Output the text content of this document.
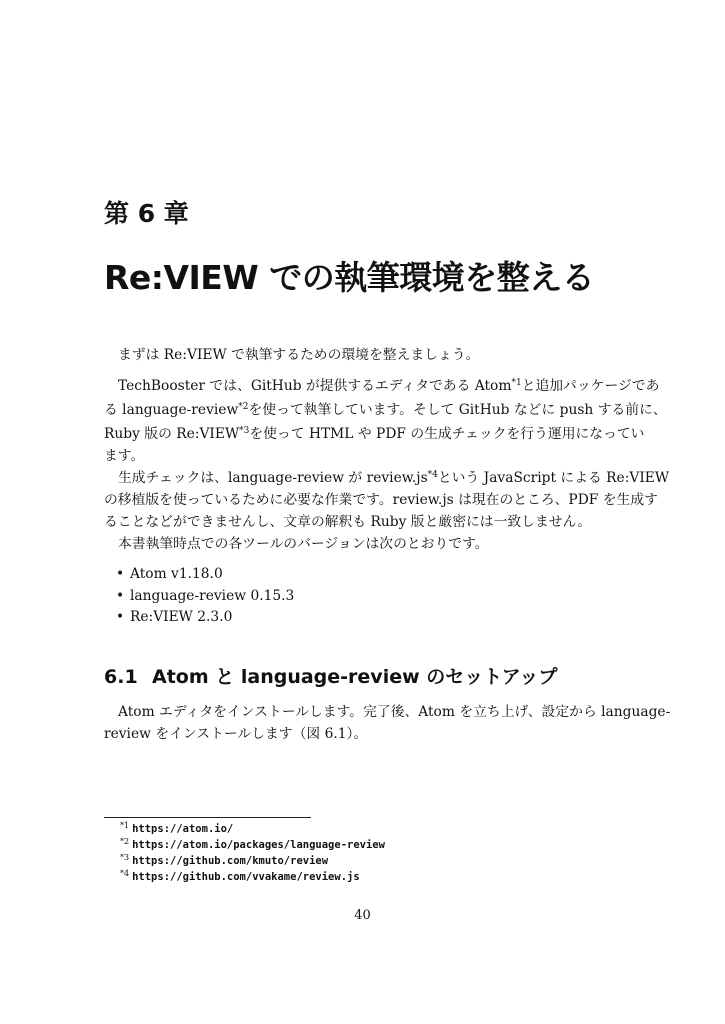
第 6 章
Re:VIEW での執筆環境を整える
まずは Re:VIEW で執筆するための環境を整えましょう。
TechBooster では、GitHub が提供するエディタである Atom$^{*1}$と追加パッケージであ
る language-review$^{*2}$を使って執筆しています。そして GitHub などに push する前に、
Ruby 版の Re:VIEW$^{*3}$を使って HTML や PDF の生成チェックを行う運用になってい
ます。
生成チェックは、language-review が $review.js^{*4}$という JavaScript による Re:VIEW
の移植版を使っているために必要な作業です。review.js は現在のところ、PDF を生成す
ることなどができませんし、文章の解釈も Ruby 版と厳密には一致しません。
本書執筆時点での各ツールのバージョンは次のとおりです。
Atom エディタをインストールします。完了後、Atom を立ち上げ、設定から language-
review をインストールします（図 6.1）。
• Atom v1.18.0
• language-review 0.15.3
• Re:VIEW 2.3.0
6.1 Atom と language-review のセットアップ
$^{*1}$ https://atom.io/
$^{*2}$ https://atom.io/packages/language-review
$^{*3}$ https://github.com/kmuto/review
$^{*4}$ https://github.com/vvakame/review.js
40
